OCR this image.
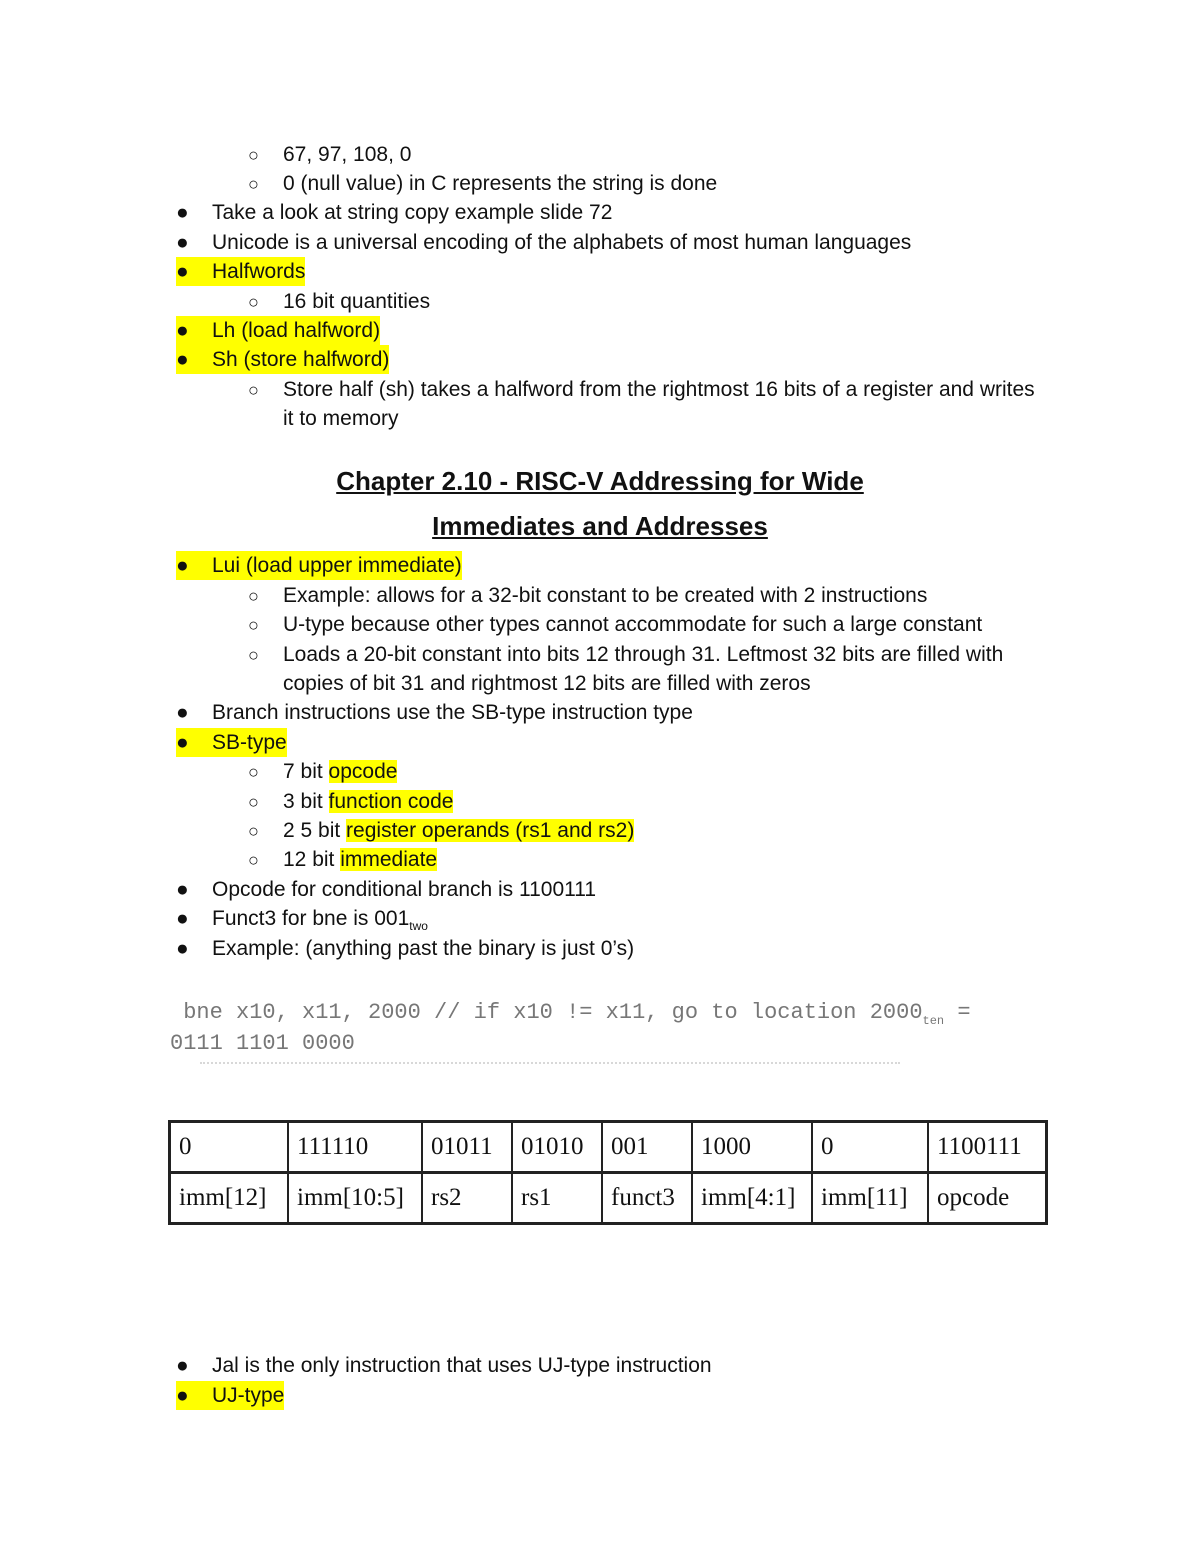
○ 67, 97, 108, 0
○ 0 (null value) in C represents the string is done
● Take a look at string copy example slide 72
● Unicode is a universal encoding of the alphabets of most human languages
● Halfwords
○ 16 bit quantities
● Lh (load halfword)
● Sh (store halfword)
○ Store half (sh) takes a halfword from the rightmost 16 bits of a register and writes
it to memory
Chapter 2.10 - RISC-V Addressing for Wide
Immediates and Addresses
● Lui (load upper immediate)
○ Example: allows for a 32-bit constant to be created with 2 instructions
○ U-type because other types cannot accommodate for such a large constant
○ Loads a 20-bit constant into bits 12 through 31. Leftmost 32 bits are filled with
copies of bit 31 and rightmost 12 bits are filled with zeros
● Branch instructions use the SB-type instruction type
● SB-type
○ 7 bit opcode
○ 3 bit function code
○ 2 5 bit register operands (rs1 and rs2)
○ 12 bit immediate
● Opcode for conditional branch is 1100111
● Funct3 for bne is $001_{two}$
● Example: (anything past the binary is just 0’s)
bne x10, x11, 2000 // if x10 != x11, go to location $2000_{ten}$ =
0111 1101 0000
0	111110	01011	01010	001	1000	0	1100111
imm[12]	imm[10:5]	rs2	rs1	funct3	imm[4:1]	imm[11]	opcode
● Jal is the only instruction that uses UJ-type instruction
● UJ-type
